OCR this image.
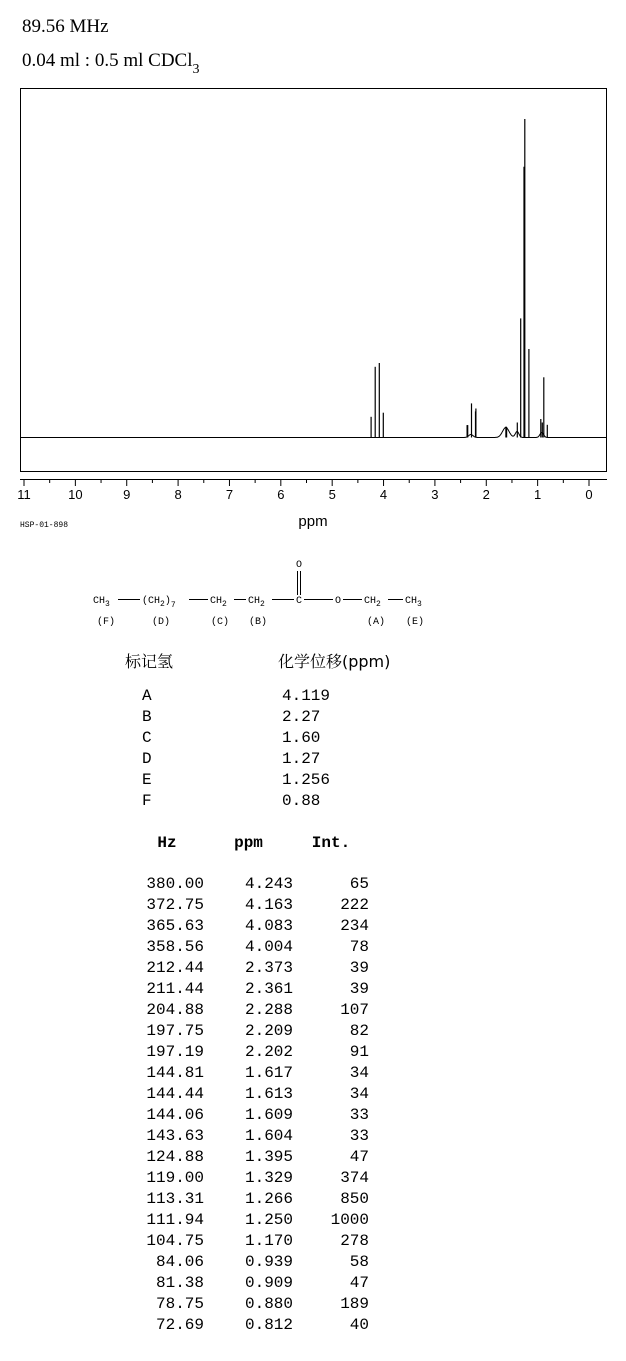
89.56 MHz
0.04 ml : 0.5 ml CDCl$_3$
11	10	9	8	7	6	5	4	3	2	1	0
ppm
HSP-01-898
O
$CH_3$	$(CH_2)_7$	$CH_2$ $CH_2$	C	O $CH_2$ $CH_3$
(F)	(D)	(C) (B)	(A) (E)
标记氢	化学位移(ppm)
A	4.119
B	2.27
C	1.60
D	1.27
E	1.256
F	0.88
Hz	ppm	Int.

380.00	4.243	65
372.75	4.163	222
365.63	4.083	234
358.56	4.004	78
212.44	2.373	39
211.44	2.361	39
204.88	2.288	107
197.75	2.209	82
197.19	2.202	91
144.81	1.617	34
144.44	1.613	34
144.06	1.609	33
143.63	1.604	33
124.88	1.395	47
119.00	1.329	374
113.31	1.266	850
111.94	1.250	1000
104.75	1.170	278
84.06	0.939	58
81.38	0.909	47
78.75	0.880	189
72.69	0.812	40
